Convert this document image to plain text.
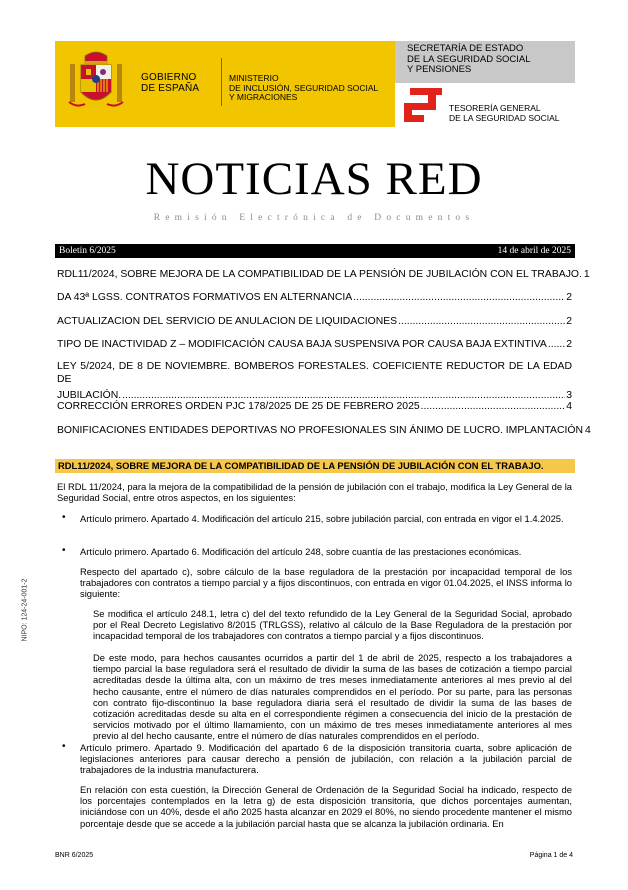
GOBIERNO
DE ESPAÑA
MINISTERIO
DE INCLUSIÓN, SEGURIDAD SOCIAL
Y MIGRACIONES
SECRETARÍA DE ESTADO
DE LA SEGURIDAD SOCIAL
Y PENSIONES
TESORERÍA GENERAL
DE LA SEGURIDAD SOCIAL
NOTICIAS RED
Remisión Electrónica de Documentos
Boletín 6/2025	14 de abril de 2025
RDL11/2024, SOBRE MEJORA DE LA COMPATIBILIDAD DE LA PENSIÓN DE JUBILACIÓN CON EL TRABAJO. 1
DA 43ª LGSS. CONTRATOS FORMATIVOS EN ALTERNANCIA .....	2
ACTUALIZACION DEL SERVICIO DE ANULACION DE LIQUIDACIONES .....	2
TIPO DE INACTIVIDAD Z – MODIFICACIÓN CAUSA BAJA SUSPENSIVA POR CAUSA BAJA EXTINTIVA ..... 2
LEY 5/2024, DE 8 DE NOVIEMBRE. BOMBEROS FORESTALES. COEFICIENTE REDUCTOR DE LA EDAD DE
JUBILACIÓN. .....	3
CORRECCIÓN ERRORES ORDEN PJC 178/2025 DE 25 DE FEBRERO 2025 .....	4
BONIFICACIONES ENTIDADES DEPORTIVAS NO PROFESIONALES SIN ÁNIMO DE LUCRO. IMPLANTACIÓN 4
RDL11/2024, SOBRE MEJORA DE LA COMPATIBILIDAD DE LA PENSIÓN DE JUBILACIÓN CON EL TRABAJO.
El RDL 11/2024, para la mejora de la compatibilidad de la pensión de jubilación con el trabajo, modifica la Ley General de la Seguridad Social, entre otros aspectos, en los siguientes:
• Artículo primero. Apartado 4. Modificación del artículo 215, sobre jubilación parcial, con entrada en vigor el 1.4.2025.
• Artículo primero. Apartado 6. Modificación del artículo 248, sobre cuantía de las prestaciones económicas.
Respecto del apartado c), sobre cálculo de la base reguladora de la prestación por incapacidad temporal de los trabajadores con contratos a tiempo parcial y a fijos discontinuos, con entrada en vigor 01.04.2025, el INSS informa lo siguiente:
Se modifica el artículo 248.1, letra c) del del texto refundido de la Ley General de la Seguridad Social, aprobado por el Real Decreto Legislativo 8/2015 (TRLGSS), relativo al cálculo de la Base Reguladora de la prestación por incapacidad temporal de los trabajadores con contratos a tiempo parcial y a fijos discontinuos.
De este modo, para hechos causantes ocurridos a partir del 1 de abril de 2025, respecto a los trabajadores a tiempo parcial la base reguladora será el resultado de dividir la suma de las bases de cotización a tiempo parcial acreditadas desde la última alta, con un máximo de tres meses inmediatamente anteriores al mes previo al del hecho causante, entre el número de días naturales comprendidos en el período. Por su parte, para las personas con contrato fijo-discontinuo la base reguladora diaria será el resultado de dividir la suma de las bases de cotización acreditadas desde su alta en el correspondiente régimen a consecuencia del inicio de la prestación de servicios motivado por el último llamamiento, con un máximo de tres meses inmediatamente anteriores al mes previo al del hecho causante, entre el número de días naturales comprendidos en el período.
• Artículo primero. Apartado 9. Modificación del apartado 6 de la disposición transitoria cuarta, sobre aplicación de legislaciones anteriores para causar derecho a pensión de jubilación, con relación a la jubilación parcial de trabajadores de la industria manufacturera.
En relación con esta cuestión, la Dirección General de Ordenación de la Seguridad Social ha indicado, respecto de los porcentajes contemplados en la letra g) de esta disposición transitoria, que dichos porcentajes aumentan, iniciándose con un 40%, desde el año 2025 hasta alcanzar en 2029 el 80%, no siendo procedente mantener el mismo porcentaje desde que se accede a la jubilación parcial hasta que se alcanza la jubilación ordinaria. En
NIPO: 124-24-001-2
BNR 6/2025	Página 1 de 4
